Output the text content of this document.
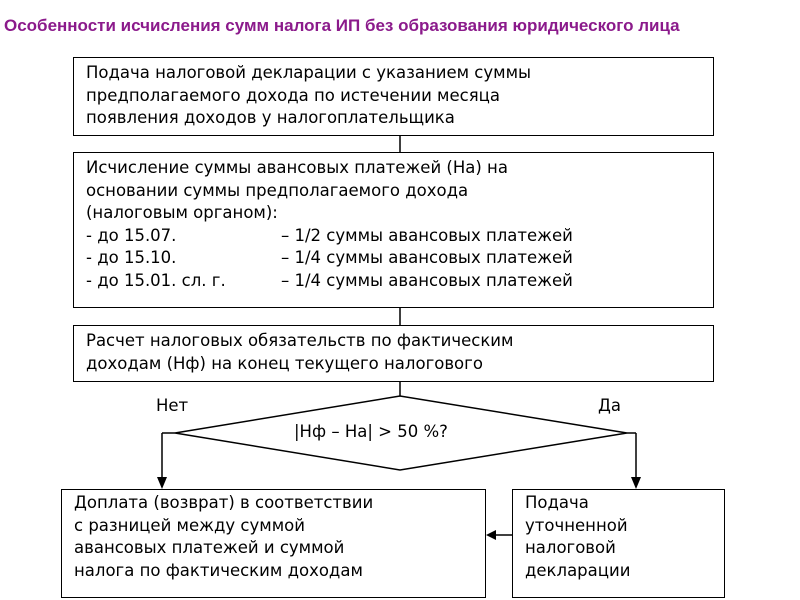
Особенности исчисления сумм налога ИП без образования юридического лица
Подача налоговой декларации с указанием суммы
предполагаемого дохода по истечении месяца
появления доходов у налогоплательщика
Исчисление суммы авансовых платежей (На) на
основании суммы предполагаемого дохода
(налоговым органом):
- до 15.07.	– 1/2 суммы авансовых платежей
- до 15.10.	– 1/4 суммы авансовых платежей
- до 15.01. сл. г.	– 1/4 суммы авансовых платежей
Расчет налоговых обязательств по фактическим
доходам (Нф) на конец текущего налогового
Нет	Да
|Нф – На| > 50 %?
Доплата (возврат) в соответствии
с разницей между суммой
авансовых платежей и суммой
налога по фактическим доходам
Подача
уточненной
налоговой
декларации
